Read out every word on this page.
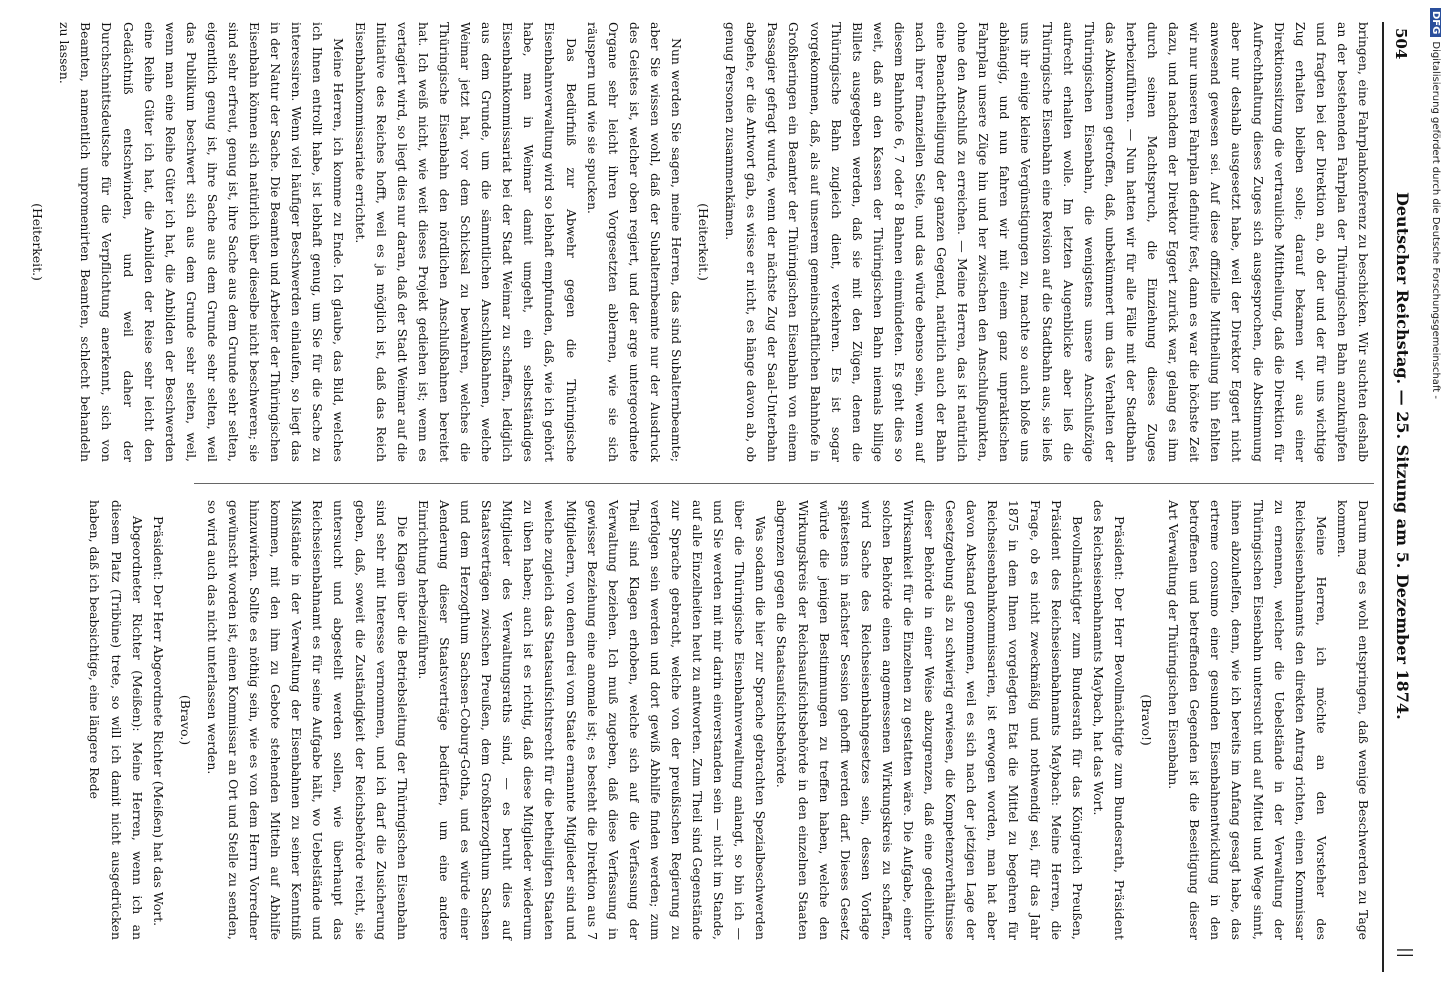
504
Deutscher Reichstag. — 25. Sitzung am 5. Dezember 1874.
||

bringen, eine Fahrplankonferenz zu beschicken. Wir suchten deshalb an der bestehenden Fahrplan der Thüringischen Bahn anzuknüpfen und fragten bei der Direktion an, ob der und der für uns wichtige Zug erhalten bleiben solle; darauf bekamen wir aus einer Direktionssitzung die vertrauliche Mittheilung, daß die Direktion für Aufrechthaltung dieses Zuges sich ausgesprochen, die Abstimmung aber nur deshalb ausgesetzt habe, weil der Direktor Eggert nicht anwesend gewesen sei. Auf diese offizielle Mittheilung hin fehlten wir nur unseren Fahrplan definitiv fest, dann es war die höchste Zeit dazu, und nachdem der Direktor Eggert zurück war, gelang es ihm durch seinen Machtspruch, die Einziehung dieses Zuges herbeizuführen. — Nun hatten wir für alle Fälle mit der Stadtbahn das Abkommen getroffen, daß, unbekümmert um das Verhalten der Thüringischen Eisenbahn, die wenigstens unsere Anschlußzüge aufrecht erhalten wolle. Im letzten Augenblicke aber ließ die Thüringische Eisenbahn eine Revision auf die Stadtbahn aus, sie ließ uns ihr einige kleine Vergünstigungen zu, machte so auch bloße uns abhängig, und nun fahren wir mit einem ganz unpraktischen Fahrplan unsere Züge hin und her zwischen den Anschlußpunkten, ohne den Anschluß zu erreichen. — Meine Herren, das ist natürlich eine Benachtheiligung der ganzen Gegend, natürlich auch der Bahn nach ihrer finanziellen Seite, und das würde ebenso sein, wenn auf diesem Bahnhofe 6, 7 oder 8 Bahnen einmündeten. Es geht dies so weit, daß an den Kassen der Thüringischen Bahn niemals billige Billets ausgegeben werden, daß sie mit den Zügen, denen die Thüringische Bahn zugleich dient, verkehren. Es ist sogar vorgekommen, daß, als auf unserem gemeinschaftlichen Bahnhofe in Großheringen ein Beamter der Thüringischen Eisenbahn von einem Passagier gefragt wurde, wenn der nächste Zug der Saal-Unterbahn abgehe, er die Antwort gab, es wisse er nicht, es hänge davon ab, ob genug Personen zusammenkämen.

(Heiterkeit.)

Nun werden Sie sagen, meine Herren, das sind Subalternbeamte; aber Sie wissen wohl, daß der Subalternbeamte nur der Ausdruck des Geistes ist, welcher oben regiert, und der arge untergeordnete Organe sehr leicht ihren Vorgesetzten ablernen, wie sie sich räuspern und wie sie spucken.

Das Bedürfniß zur Abwehr gegen die Thüringische Eisenbahnverwaltung wird so lebhaft empfunden, daß, wie ich gehört habe, man in Weimar damit umgeht, ein selbstständiges Eisenbahnkommissariat bei der Stadt Weimar zu schaffen, lediglich aus dem Grunde, um die sämmtlichen Anschlußbahnen, welche Weimar jetzt hat, vor dem Schicksal zu bewahren, welches die Thüringische Eisenbahn den nördlichen Anschlußbahnen bereitet hat. Ich weiß nicht, wie weit dieses Projekt gediehen ist; wenn es vertagiert wird, so liegt dies nur daran, daß der Stadt Weimar auf die Initiative des Reiches hofft, weil es ja möglich ist, daß das Reich Eisenbahnkommissariate errichtet.

Meine Herren, ich komme zu Ende. Ich glaube, das Bild, welches ich Ihnen entrollt habe, ist lebhaft genug, um Sie für die Sache zu interessiren. Wenn viel häufiger Beschwerden einlaufen, so liegt das in der Natur der Sache. Die Beamten und Arbeiter der Thüringischen Eisenbahn können sich natürlich über dieselbe nicht beschweren; sie sind sehr erfreut, genug ist, ihre Sache aus dem Grunde sehr selten, eigentlich genug ist, ihre Sache aus dem Grunde sehr selten, weil das Publikum beschwert sich aus dem Grunde sehr selten, weil, wenn man eine Reihe Güter ich hat, die Anbilden der Beschwerden eine Reihe Güter ich hat, die Anbilden der Reise sehr leicht den Gedächtniß entschwinden, und weil daher der Durchschnittsdeutsche für die Verpflichtung anerkennt, sich von Beamten, namentlich unpromenirten Beamten, schlecht behandeln zu lassen.

(Heiterkeit.)

Darum mag es wohl entspringen, daß wenige Beschwerden zu Tage kommen.

Meine Herren, ich möchte an den Vorsteher des Reichseisenbahnamts den direkten Antrag richten, einen Kommissar zu ernennen, welcher die Uebelstände in der Verwaltung der Thüringischen Eisenbahn untersucht und auf Mittel und Wege sinnt, ihnen abzuhelfen, denn, wie ich bereits im Anfang gesagt habe, das ertreme consumo einer gesunden Eisenbahnentwicklung in den betroffenen und betreffenden Gegenden ist die Beseitigung dieser Art Verwaltung der Thüringischen Eisenbahn.

(Bravo!)

Präsident: Der Herr Bevollmächtigte zum Bundesrath, Präsident des Reichseisenbahnamts Maybach, hat das Wort.

Bevollmächtigter zum Bundesrath für das Königreich Preußen, Präsident des Reichseisenbahnamts Maybach: Meine Herren, die Frage, ob es nicht zweckmäßig und nothwendig sei, für das Jahr 1875 in dem Ihnen vorgelegten Etat die Mittel zu begehren für Reichseisenbahnkommissarien, ist erwogen worden, man hat aber davon Abstand genommen, weil es sich nach der jetzigen Lage der Gesetzgebung als zu schwierig erwiesen, die Kompetenzverhältnisse dieser Behörde in einer Weise abzugrenzen, daß eine gedeihliche Wirksamkeit für die Einzelnen zu gestatten wäre. Die Aufgabe, einer solchen Behörde einen angemessenen Wirkungskreis zu schaffen, wird Sache des Reichseisenbahngesetzes sein, dessen Vorlage spätestens in nächster Session gehofft werden darf. Dieses Gesetz würde die jenigen Bestimmungen zu treffen haben, welche den Wirkungskreis der Reichsaufsichtsbehörde in den einzelnen Staaten abgrenzen gegen die Staatsaufsichtsbehörde.

Was sodann die hier zur Sprache gebrachten Spezialbeschwerden über die Thüringische Eisenbahnverwaltung anlangt, so bin ich — und Sie werden mit mir darin einverstanden sein — nicht im Stande, auf alle Einzelheiten heut zu antworten. Zum Theil sind Gegenstände zur Sprache gebracht, welche von der preußischen Regierung zu verfolgen sein werden und dort gewiß Abhilfe finden werden; zum Theil sind Klagen erhoben, welche sich auf die Verfassung der Verwaltung beziehen. Ich muß zugeben, daß diese Verfassung in gewisser Beziehung eine anomale ist; es besteht die Direktion aus 7 Mitgliedern, von denen drei vom Staate ernannte Mitglieder sind und welche zugleich das Staatsaufsichtsrecht für die betheiligten Staaten zu üben haben; auch ist es richtig, daß diese Mitglieder wiederum Mitglieder des Verwaltungsraths sind, — es beruht dies auf Staatsverträgen zwischen Preußen, dem Großherzogthum Sachsen und dem Herzogthum Sachsen-Coburg-Gotha, und es würde einer Aenderung dieser Staatsverträge bedürfen, um eine andere Einrichtung herbeizuführen.

Die Klagen über die Betriebsleitung der Thüringischen Eisenbahn sind sehr mit Interesse vernommen, und ich darf die Zusicherung geben, daß, soweit die Zuständigkeit der Reichsbehörde reicht, sie untersucht und abgestellt werden sollen, wie überhaupt das Reichseisenbahnamt es für seine Aufgabe hält, wo Uebelstände und Mißstände in der Verwaltung der Eisenbahnen zu seiner Kenntniß kommen, mit den ihm zu Gebote stehenden Mitteln auf Abhilfe hinzuwirken. Sollte es nöthig sein, wie es von dem Herrn Vorredner gewünscht worden ist, einen Kommissar an Ort und Stelle zu senden, so wird auch das nicht unterlassen werden.

(Bravo.)

Präsident: Der Herr Abgeordnete Richter (Meißen) hat das Wort.

Abgeordneter Richter (Meißen): Meine Herren, wenn ich an diesem Platz (Tribüne) trete, so will ich damit nicht ausgedrücken haben, daß ich beabsichtige, eine längere Rede

DFGDigitalisierung gefördert durch die Deutsche Forschungsgemeinschaft -
